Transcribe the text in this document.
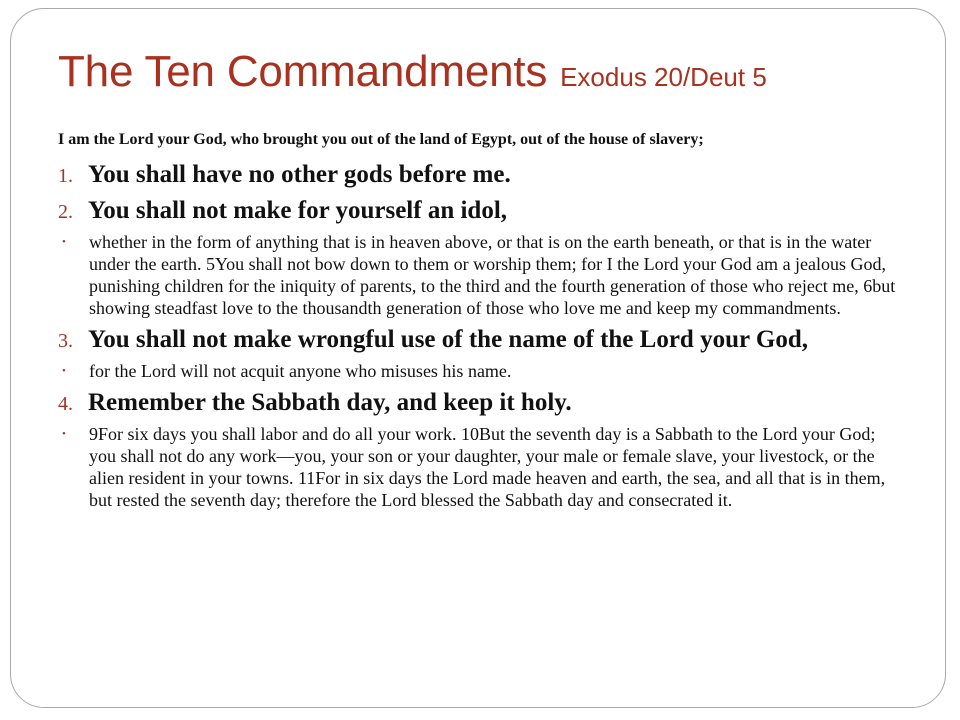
The Ten Commandments Exodus 20/Deut 5

I am the Lord your God, who brought you out of the land of Egypt, out of the house of slavery;

1. You shall have no other gods before me.
2. You shall not make for yourself an idol,
•	whether in the form of anything that is in heaven above, or that is on the earth beneath, or that is in the water under the earth. 5You shall not bow down to them or worship them; for I the Lord your God am a jealous God, punishing children for the iniquity of parents, to the third and the fourth generation of those who reject me, 6but showing steadfast love to the thousandth generation of those who love me and keep my commandments.
3. You shall not make wrongful use of the name of the Lord your God,
•	for the Lord will not acquit anyone who misuses his name.
4. Remember the Sabbath day, and keep it holy.
•	9For six days you shall labor and do all your work. 10But the seventh day is a Sabbath to the Lord your God; you shall not do any work—you, your son or your daughter, your male or female slave, your livestock, or the alien resident in your towns. 11For in six days the Lord made heaven and earth, the sea, and all that is in them, but rested the seventh day; therefore the Lord blessed the Sabbath day and consecrated it.
